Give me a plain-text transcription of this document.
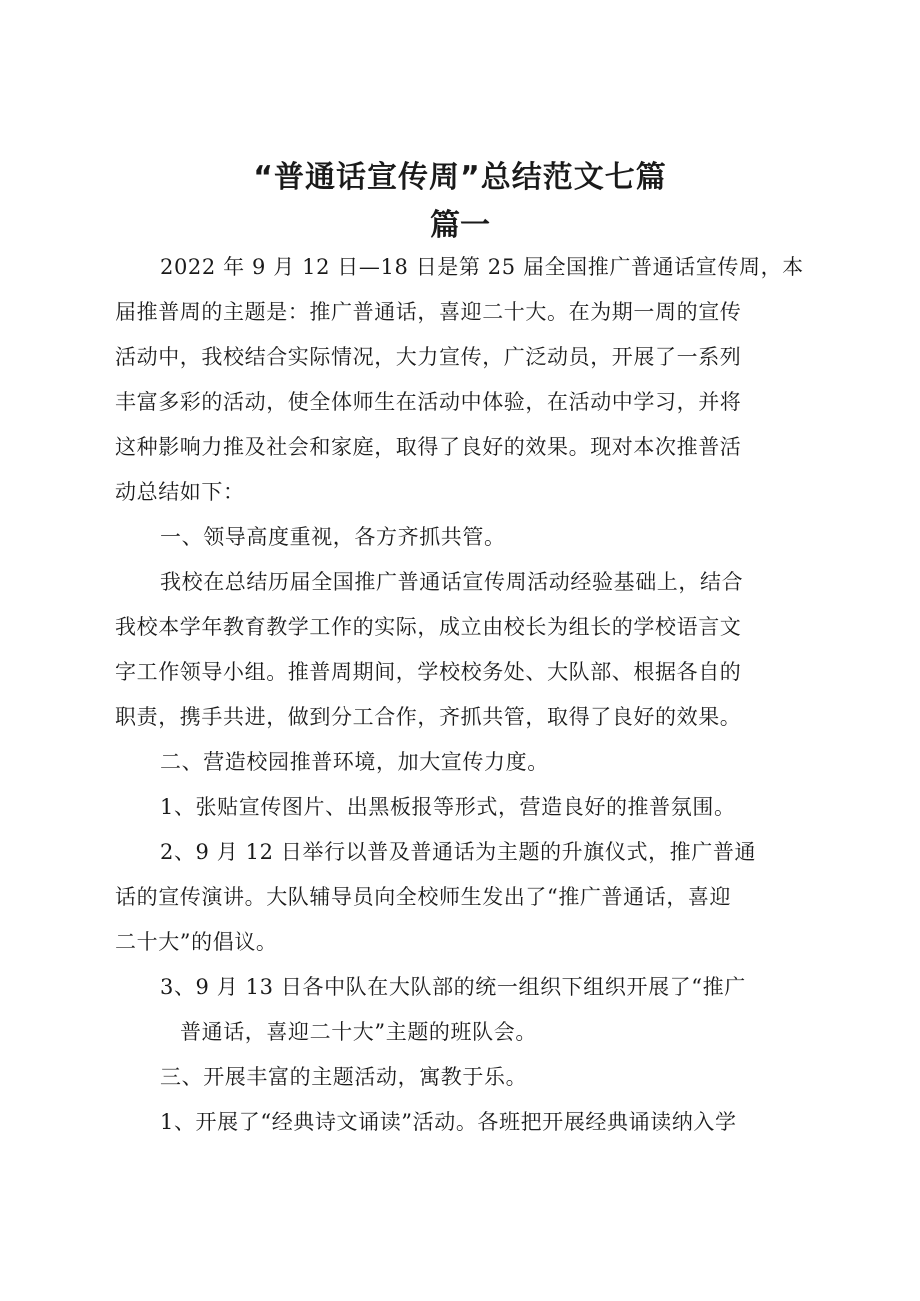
“普通话宣传周”总结范文七篇
篇一
2022 年 9 月 12 日—18 日是第 25 届全国推广普通话宣传周，本
届推普周的主题是：推广普通话，喜迎二十大。在为期一周的宣传
活动中，我校结合实际情况，大力宣传，广泛动员，开展了一系列
丰富多彩的活动，使全体师生在活动中体验，在活动中学习，并将
这种影响力推及社会和家庭，取得了良好的效果。现对本次推普活
动总结如下：
一、领导高度重视，各方齐抓共管。
我校在总结历届全国推广普通话宣传周活动经验基础上，结合
我校本学年教育教学工作的实际，成立由校长为组长的学校语言文
字工作领导小组。推普周期间，学校校务处、大队部、根据各自的
职责，携手共进，做到分工合作，齐抓共管，取得了良好的效果。
二、营造校园推普环境，加大宣传力度。
1、张贴宣传图片、出黑板报等形式，营造良好的推普氛围。
2、9 月 12 日举行以普及普通话为主题的升旗仪式，推广普通
话的宣传演讲。大队辅导员向全校师生发出了“推广普通话，喜迎
二十大”的倡议。
3、9 月 13 日各中队在大队部的统一组织下组织开展了“推广
普通话，喜迎二十大”主题的班队会。
三、开展丰富的主题活动，寓教于乐。
1、开展了“经典诗文诵读”活动。各班把开展经典诵读纳入学
